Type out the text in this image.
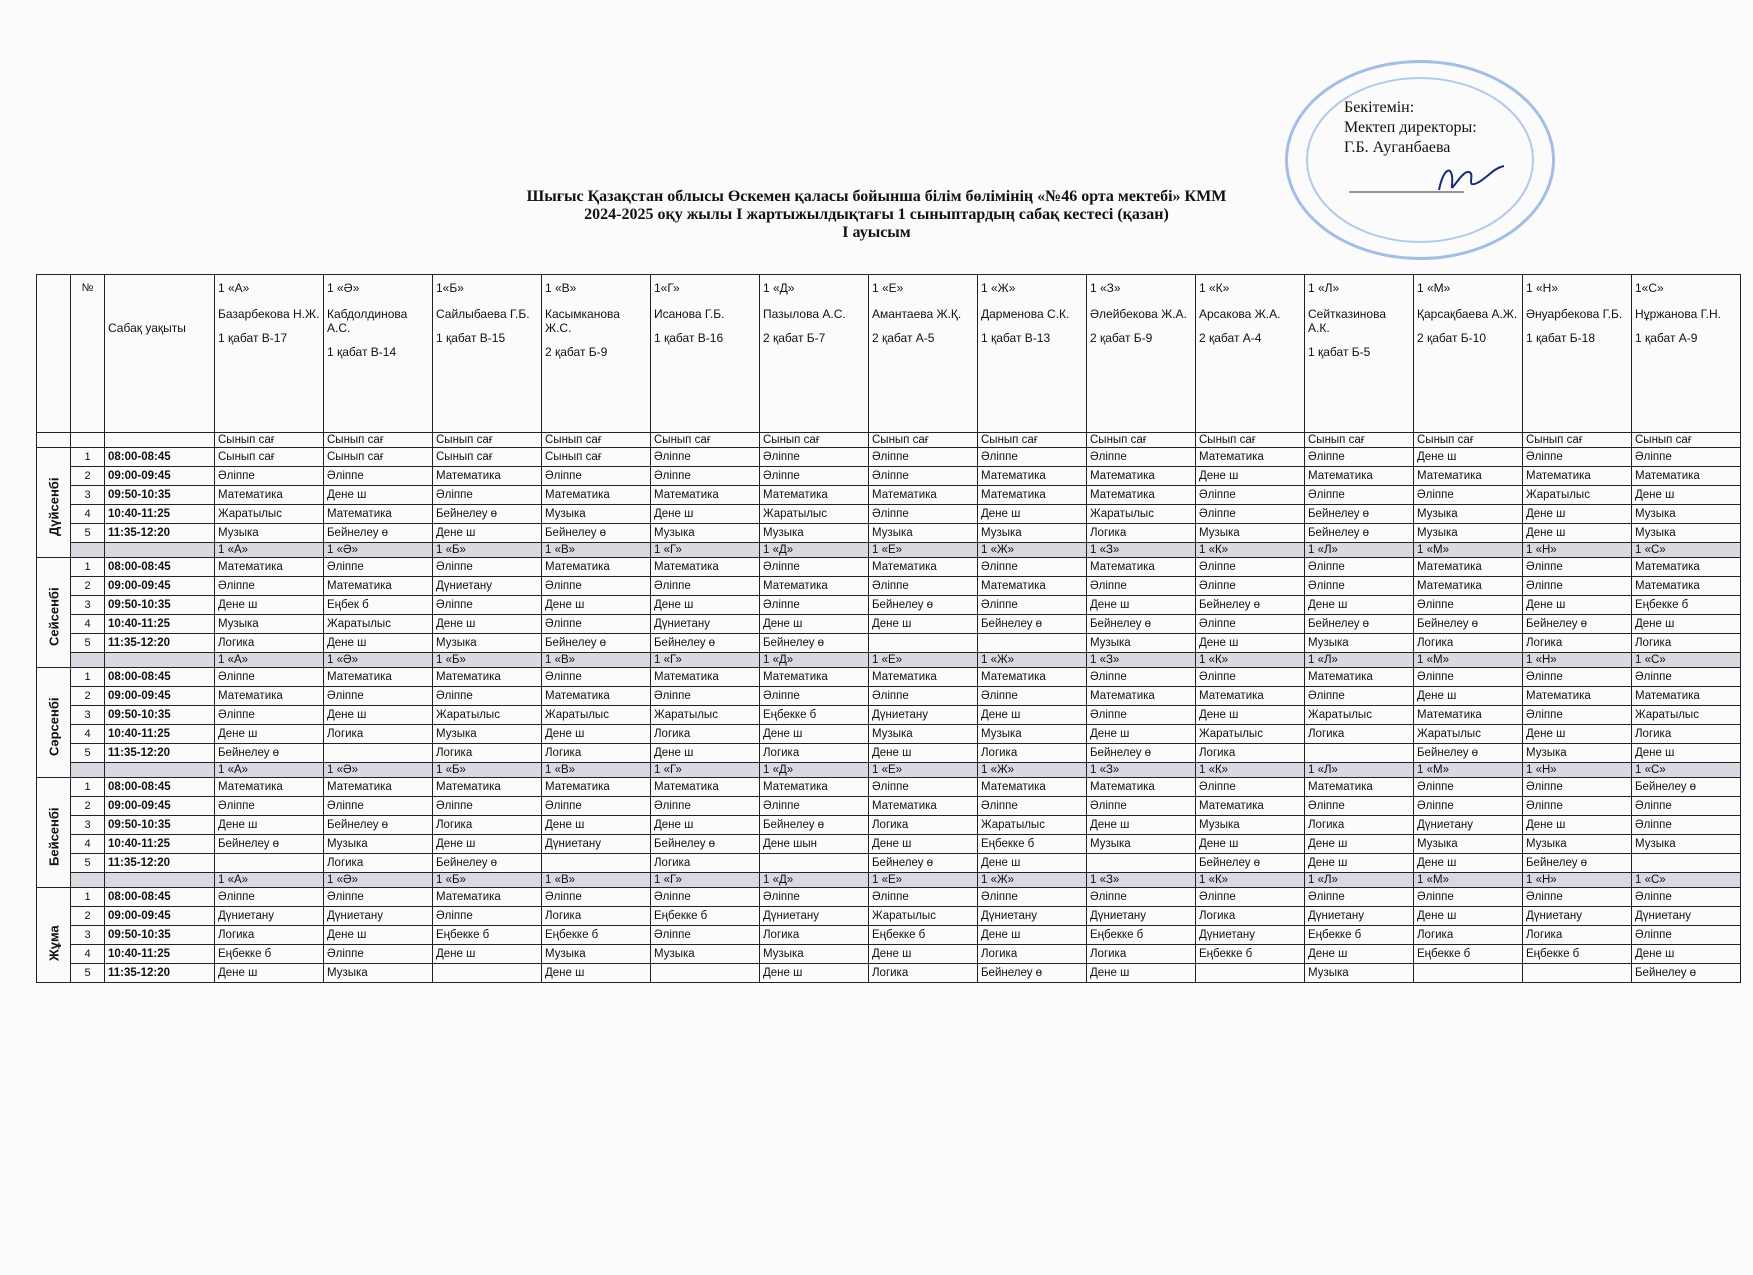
Бекітемін:
Мектеп директоры:
Г.Б. Ауганбаева
Шығыс Қазақстан облысы Өскемен қаласы бойынша білім бөлімінің «№46 орта мектебі» КММ
2024-2025 оқу жылы І жартыжылдықтағы 1 сыныптардың сабақ кестесі (қазан)
І ауысым
	№	Сабақ уақыты	1 «А»
Базарбекова Н.Ж.
1 қабат В-17	1 «Ә»
Кабдолдинова А.С.
1 қабат В-14	1«Б»
Сайлыбаева Г.Б.
1 қабат В-15	1 «В»
Касымканова Ж.С.
2 қабат Б-9	1«Г»
Исанова Г.Б.
1 қабат В-16	1 «Д»
Пазылова А.С.
2 қабат Б-7	1 «Е»
Амантаева Ж.Қ.
2 қабат А-5	1 «Ж»
Дарменова С.К.
1 қабат В-13	1 «З»
Әлейбекова Ж.А.
2 қабат Б-9	1 «К»
Арсакова Ж.А.
2 қабат А-4	1 «Л»
Сейтказинова А.К.
1 қабат Б-5	1 «М»
Қарсақбаева А.Ж.
2 қабат Б-10	1 «Н»
Әнуарбекова Г.Б.
1 қабат Б-18	1«С»
Нұржанова Г.Н.
1 қабат А-9

			Сынып сағ	Сынып сағ	Сынып сағ	Сынып сағ	Сынып сағ	Сынып сағ	Сынып сағ	Сынып сағ	Сынып сағ	Сынып сағ	Сынып сағ	Сынып сағ	Сынып сағ	Сынып сағ

Дүйсенбі	1	08:00-08:45	Сынып сағ	Сынып сағ	Сынып сағ	Сынып сағ	Әліппе	Әліппе	Әліппе	Әліппе	Әліппе	Математика	Әліппе	Дене ш	Әліппе	Әліппе
	2	09:00-09:45	Әліппе	Әліппе	Математика	Әліппе	Әліппе	Әліппе	Әліппе	Математика	Математика	Дене ш	Математика	Математика	Математика	Математика
	3	09:50-10:35	Математика	Дене ш	Әліппе	Математика	Математика	Математика	Математика	Математика	Математика	Әліппе	Әліппе	Әліппе	Жаратылыс	Дене ш
	4	10:40-11:25	Жаратылыс	Математика	Бейнелеу ө	Музыка	Дене ш	Жаратылыс	Әліппе	Дене ш	Жаратылыс	Әліппе	Бейнелеу ө	Музыка	Дене ш	Музыка
	5	11:35-12:20	Музыка	Бейнелеу ө	Дене ш	Бейнелеу ө	Музыка	Музыка	Музыка	Музыка	Логика	Музыка	Бейнелеу ө	Музыка	Дене ш	Музыка
			1 «А»	1 «Ә»	1 «Б»	1 «В»	1 «Г»	1 «Д»	1 «Е»	1 «Ж»	1 «З»	1 «К»	1 «Л»	1 «М»	1 «Н»	1 «С»

Сейсенбі	1	08:00-08:45	Математика	Әліппе	Әліппе	Математика	Математика	Әліппе	Математика	Әліппе	Математика	Әліппе	Әліппе	Математика	Әліппе	Математика
	2	09:00-09:45	Әліппе	Математика	Дүниетану	Әліппе	Әліппе	Математика	Әліппе	Математика	Әліппе	Әліппе	Әліппе	Математика	Әліппе	Математика
	3	09:50-10:35	Дене ш	Еңбек б	Әліппе	Дене ш	Дене ш	Әліппе	Бейнелеу ө	Әліппе	Дене ш	Бейнелеу ө	Дене ш	Әліппе	Дене ш	Еңбекке б
	4	10:40-11:25	Музыка	Жаратылыс	Дене ш	Әліппе	Дүниетану	Дене ш	Дене ш	Бейнелеу ө	Бейнелеу ө	Әліппе	Бейнелеу ө	Бейнелеу ө	Бейнелеу ө	Дене ш
	5	11:35-12:20	Логика	Дене ш	Музыка	Бейнелеу ө	Бейнелеу ө	Бейнелеу ө			Музыка	Дене ш	Музыка	Логика	Логика	Логика
			1 «А»	1 «Ә»	1 «Б»	1 «В»	1 «Г»	1 «Д»	1 «Е»	1 «Ж»	1 «З»	1 «К»	1 «Л»	1 «М»	1 «Н»	1 «С»

Сәрсенбі	1	08:00-08:45	Әліппе	Математика	Математика	Әліппе	Математика	Математика	Математика	Математика	Әліппе	Әліппе	Математика	Әліппе	Әліппе	Әліппе
	2	09:00-09:45	Математика	Әліппе	Әліппе	Математика	Әліппе	Әліппе	Әліппе	Әліппе	Математика	Математика	Әліппе	Дене ш	Математика	Математика
	3	09:50-10:35	Әліппе	Дене ш	Жаратылыс	Жаратылыс	Жаратылыс	Еңбекке б	Дүниетану	Дене ш	Әліппе	Дене ш	Жаратылыс	Математика	Әліппе	Жаратылыс
	4	10:40-11:25	Дене ш	Логика	Музыка	Дене ш	Логика	Дене ш	Музыка	Музыка	Дене ш	Жаратылыс	Логика	Жаратылыс	Дене ш	Логика
	5	11:35-12:20	Бейнелеу ө		Логика	Логика	Дене ш	Логика	Дене ш	Логика	Бейнелеу ө	Логика		Бейнелеу ө	Музыка	Дене ш
			1 «А»	1 «Ә»	1 «Б»	1 «В»	1 «Г»	1 «Д»	1 «Е»	1 «Ж»	1 «З»	1 «К»	1 «Л»	1 «М»	1 «Н»	1 «С»

Бейсенбі	1	08:00-08:45	Математика	Математика	Математика	Математика	Математика	Математика	Әліппе	Математика	Математика	Әліппе	Математика	Әліппе	Әліппе	Бейнелеу ө
	2	09:00-09:45	Әліппе	Әліппе	Әліппе	Әліппе	Әліппе	Әліппе	Математика	Әліппе	Әліппе	Математика	Әліппе	Әліппе	Әліппе	Әліппе
	3	09:50-10:35	Дене ш	Бейнелеу ө	Логика	Дене ш	Дене ш	Бейнелеу ө	Логика	Жаратылыс	Дене ш	Музыка	Логика	Дүниетану	Дене ш	Әліппе
	4	10:40-11:25	Бейнелеу ө	Музыка	Дене ш	Дүниетану	Бейнелеу ө	Дене шын	Дене ш	Еңбекке б	Музыка	Дене ш	Дене ш	Музыка	Музыка	Музыка
	5	11:35-12:20		Логика	Бейнелеу ө		Логика		Бейнелеу ө	Дене ш		Бейнелеу ө	Дене ш	Дене ш	Бейнелеу ө	
			1 «А»	1 «Ә»	1 «Б»	1 «В»	1 «Г»	1 «Д»	1 «Е»	1 «Ж»	1 «З»	1 «К»	1 «Л»	1 «М»	1 «Н»	1 «С»

Жұма	1	08:00-08:45	Әліппе	Әліппе	Математика	Әліппе	Әліппе	Әліппе	Әліппе	Әліппе	Әліппе	Әліппе	Әліппе	Әліппе	Әліппе	Әліппе
	2	09:00-09:45	Дүниетану	Дүниетану	Әліппе	Логика	Еңбекке б	Дүниетану	Жаратылыс	Дүниетану	Дүниетану	Логика	Дүниетану	Дене ш	Дүниетану	Дүниетану
	3	09:50-10:35	Логика	Дене ш	Еңбекке б	Еңбекке б	Әліппе	Логика	Еңбекке б	Дене ш	Еңбекке б	Дүниетану	Еңбекке б	Логика	Логика	Әліппе
	4	10:40-11:25	Еңбекке б	Әліппе	Дене ш	Музыка	Музыка	Музыка	Дене ш	Логика	Логика	Еңбекке б	Дене ш	Еңбекке б	Еңбекке б	Дене ш
	5	11:35-12:20	Дене ш	Музыка		Дене ш		Дене ш	Логика	Бейнелеу ө	Дене ш		Музыка			Бейнелеу ө
